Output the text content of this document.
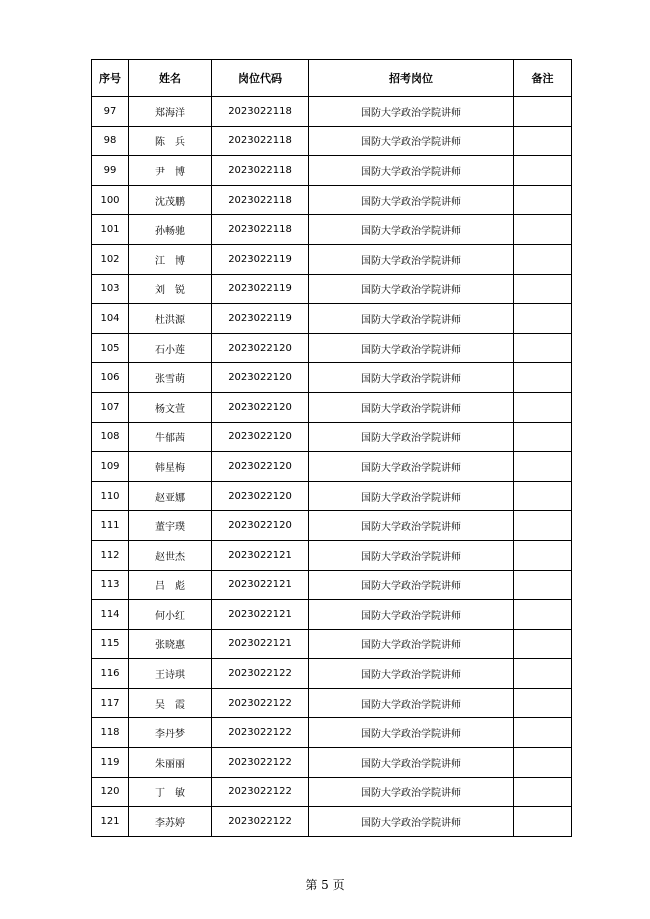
序号	姓名	岗位代码	招考岗位	备注
97	郑海洋	2023022118	国防大学政治学院讲师	
98	陈　兵	2023022118	国防大学政治学院讲师	
99	尹　博	2023022118	国防大学政治学院讲师	
100	沈茂鹏	2023022118	国防大学政治学院讲师	
101	孙畅驰	2023022118	国防大学政治学院讲师	
102	江　博	2023022119	国防大学政治学院讲师	
103	刘　锐	2023022119	国防大学政治学院讲师	
104	杜洪源	2023022119	国防大学政治学院讲师	
105	石小莲	2023022120	国防大学政治学院讲师	
106	张雪萌	2023022120	国防大学政治学院讲师	
107	杨文萱	2023022120	国防大学政治学院讲师	
108	牛郁茜	2023022120	国防大学政治学院讲师	
109	韩星梅	2023022120	国防大学政治学院讲师	
110	赵亚娜	2023022120	国防大学政治学院讲师	
111	董宇璞	2023022120	国防大学政治学院讲师	
112	赵世杰	2023022121	国防大学政治学院讲师	
113	吕　彪	2023022121	国防大学政治学院讲师	
114	何小红	2023022121	国防大学政治学院讲师	
115	张晓惠	2023022121	国防大学政治学院讲师	
116	王诗琪	2023022122	国防大学政治学院讲师	
117	吴　霞	2023022122	国防大学政治学院讲师	
118	李丹梦	2023022122	国防大学政治学院讲师	
119	朱丽丽	2023022122	国防大学政治学院讲师	
120	丁　敏	2023022122	国防大学政治学院讲师	
121	李苏婷	2023022122	国防大学政治学院讲师	
第 5 页
